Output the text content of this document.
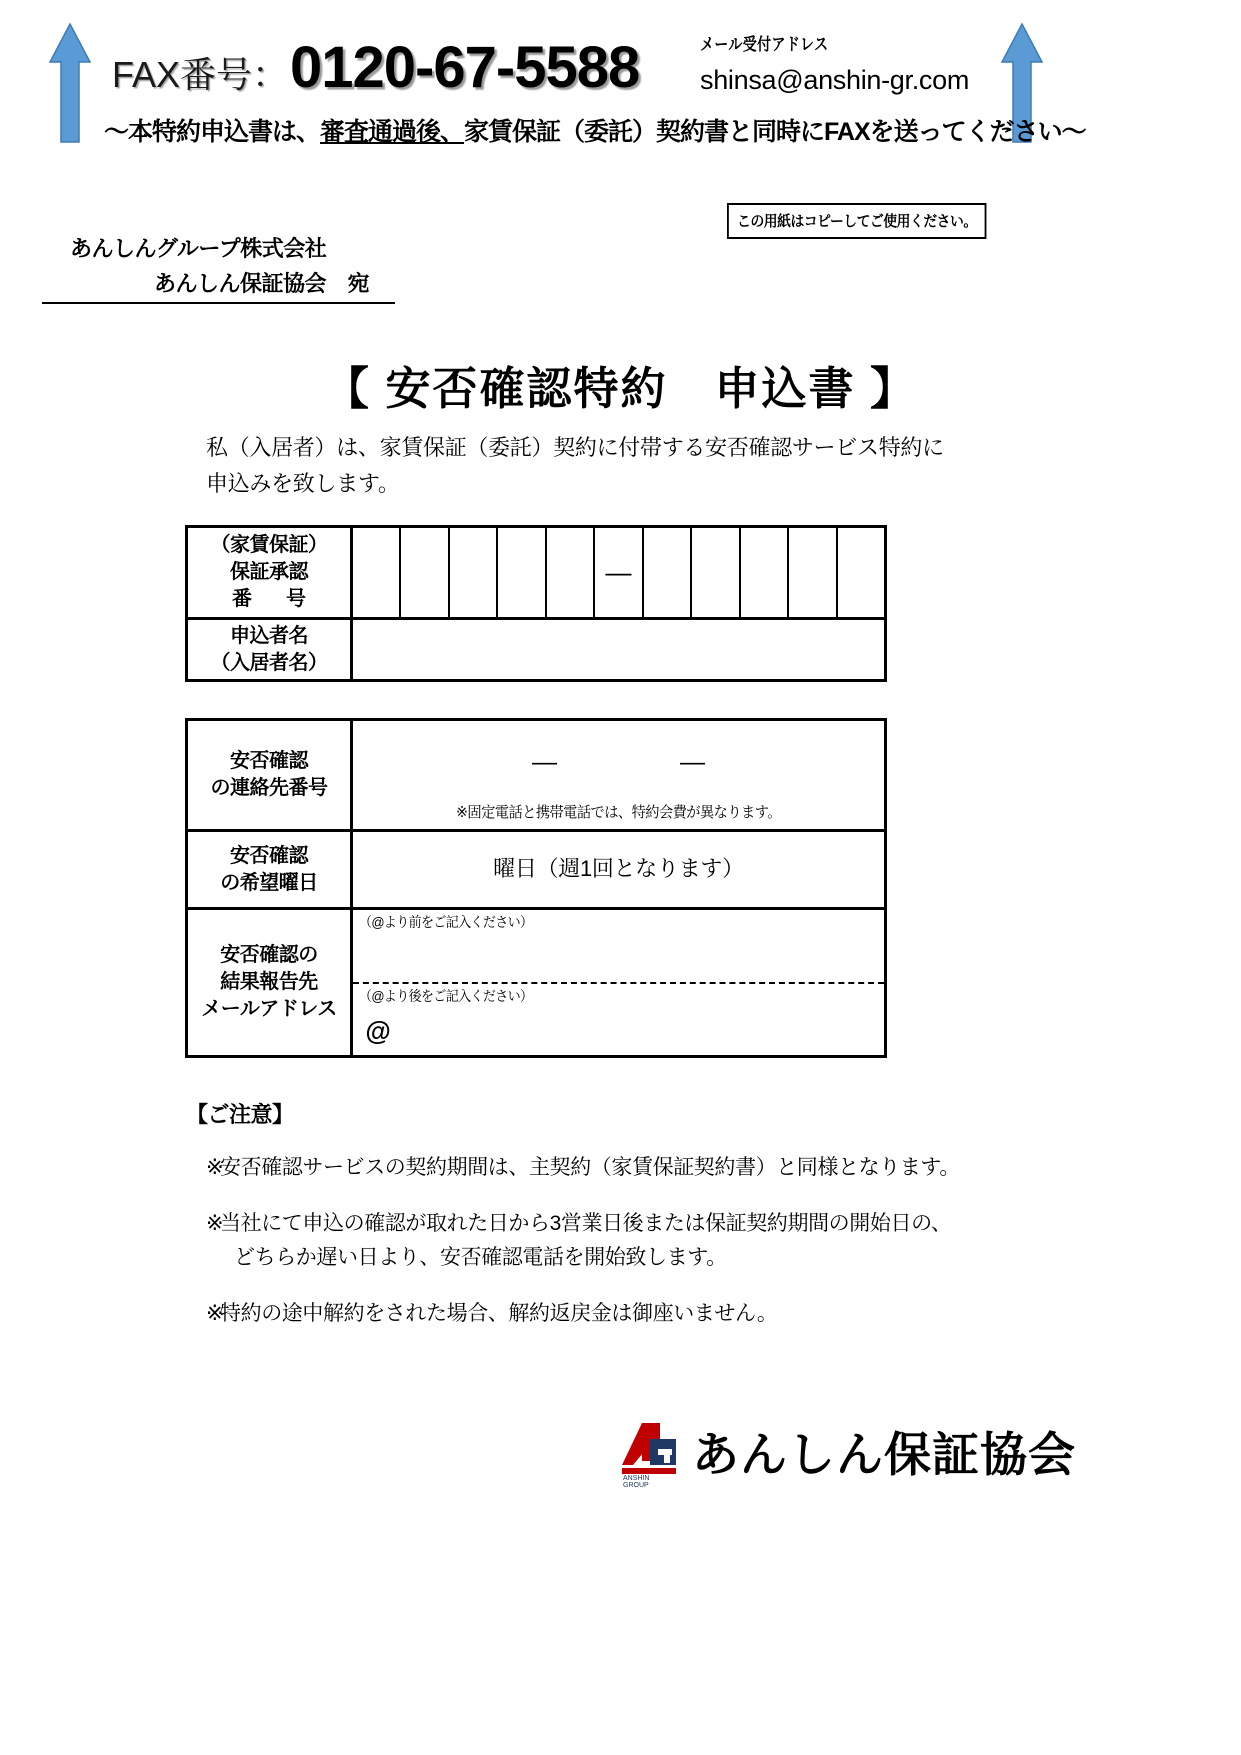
FAX番号： 0120-67-5588	メール受付アドレス
shinsa@anshin-gr.com
〜本特約申込書は、審査通過後、家賃保証（委託）契約書と同時にFAXを送ってください〜
この用紙はコピーしてご使用ください。
あんしんグループ株式会社
あんしん保証協会　宛
【 安否確認特約　申込書 】
私（入居者）は、家賃保証（委託）契約に付帯する安否確認サービス特約に
申込みを致します。
（家賃保証）
保証承認
番　号
—
申込者名
（入居者名）
安否確認
の連絡先番号
—	—
※固定電話と携帯電話では、特約会費が異なります。
安否確認
の希望曜日
曜日（週1回となります）
安否確認の
結果報告先
メールアドレス
（@より前をご記入ください）
（@より後をご記入ください）
@
【ご注意】
※

安否確認サービスの契約期間は、主契約（家賃保証契約書）と同様となります。

※

当社にて申込の確認が取れた日から3営業日後または保証契約期間の開始日の、

どちらか遅い日より、安否確認電話を開始致します。

※

特約の途中解約をされた場合、解約返戻金は御座いません。

ANSHIN
GROUP
あんしん保証協会
